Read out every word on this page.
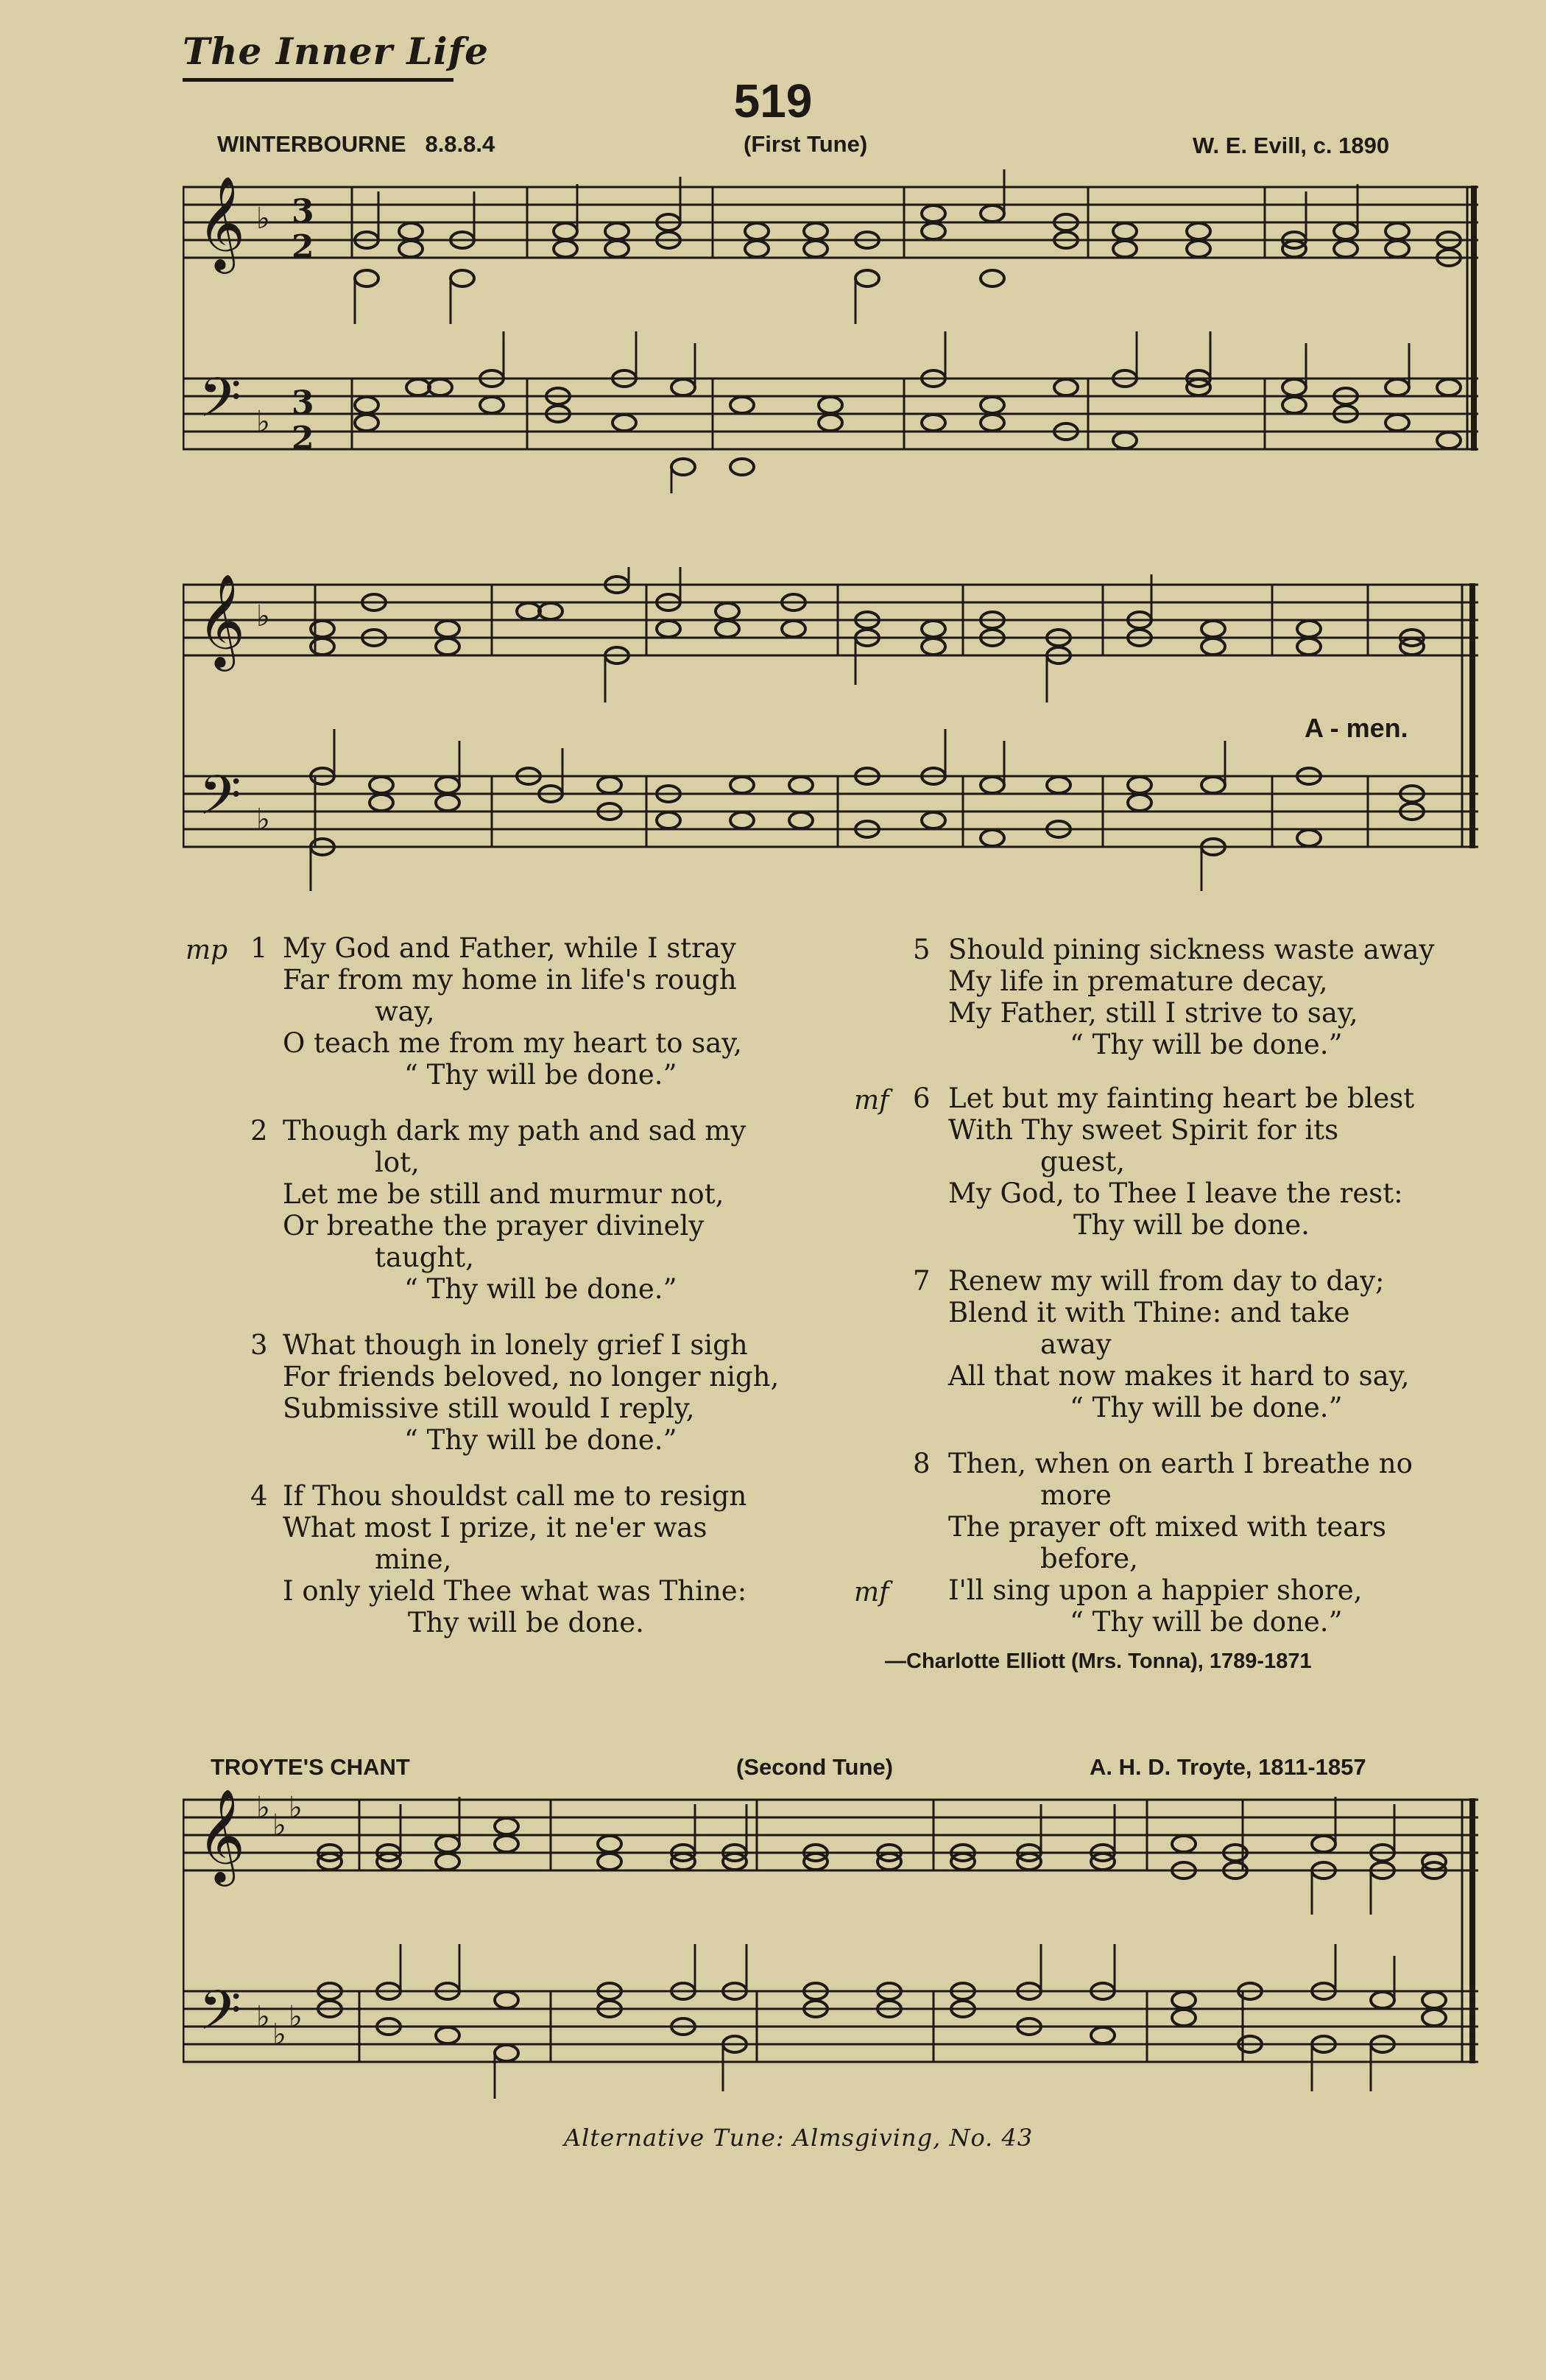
The Inner Life
519
WINTERBOURNE 8.8.8.4	(First Tune)	W. E. Evill, c. 1890
𝄞
𝄢
♭
♭
3
2
3
2
𝄞
𝄢
♭
♭
A - men.
mp 1 My God and Father, while I stray
Far from my home in life's rough
way,
O teach me from my heart to say,
“ Thy will be done.”
2 Though dark my path and sad my
lot,
Let me be still and murmur not,
Or breathe the prayer divinely
taught,
“ Thy will be done.”
3 What though in lonely grief I sigh
For friends beloved, no longer nigh,
Submissive still would I reply,
“ Thy will be done.”
4 If Thou shouldst call me to resign
What most I prize, it ne'er was
mine,
I only yield Thee what was Thine:
Thy will be done.
5 Should pining sickness waste away
My life in premature decay,
My Father, still I strive to say,
“ Thy will be done.”
mf 6 Let but my fainting heart be blest
With Thy sweet Spirit for its
guest,
My God, to Thee I leave the rest:
Thy will be done.
7 Renew my will from day to day;
Blend it with Thine: and take
away
All that now makes it hard to say,
“ Thy will be done.”
8 Then, when on earth I breathe no
more
The prayer oft mixed with tears
before,
I'll sing upon a happier shore,
“ Thy will be done.”
mf
—Charlotte Elliott (Mrs. Tonna), 1789-1871
TROYTE'S CHANT	(Second Tune)	A. H. D. Troyte, 1811-1857
𝄞
𝄢
♭
♭
♭
♭
♭
♭
Alternative Tune: Almsgiving, No. 43
